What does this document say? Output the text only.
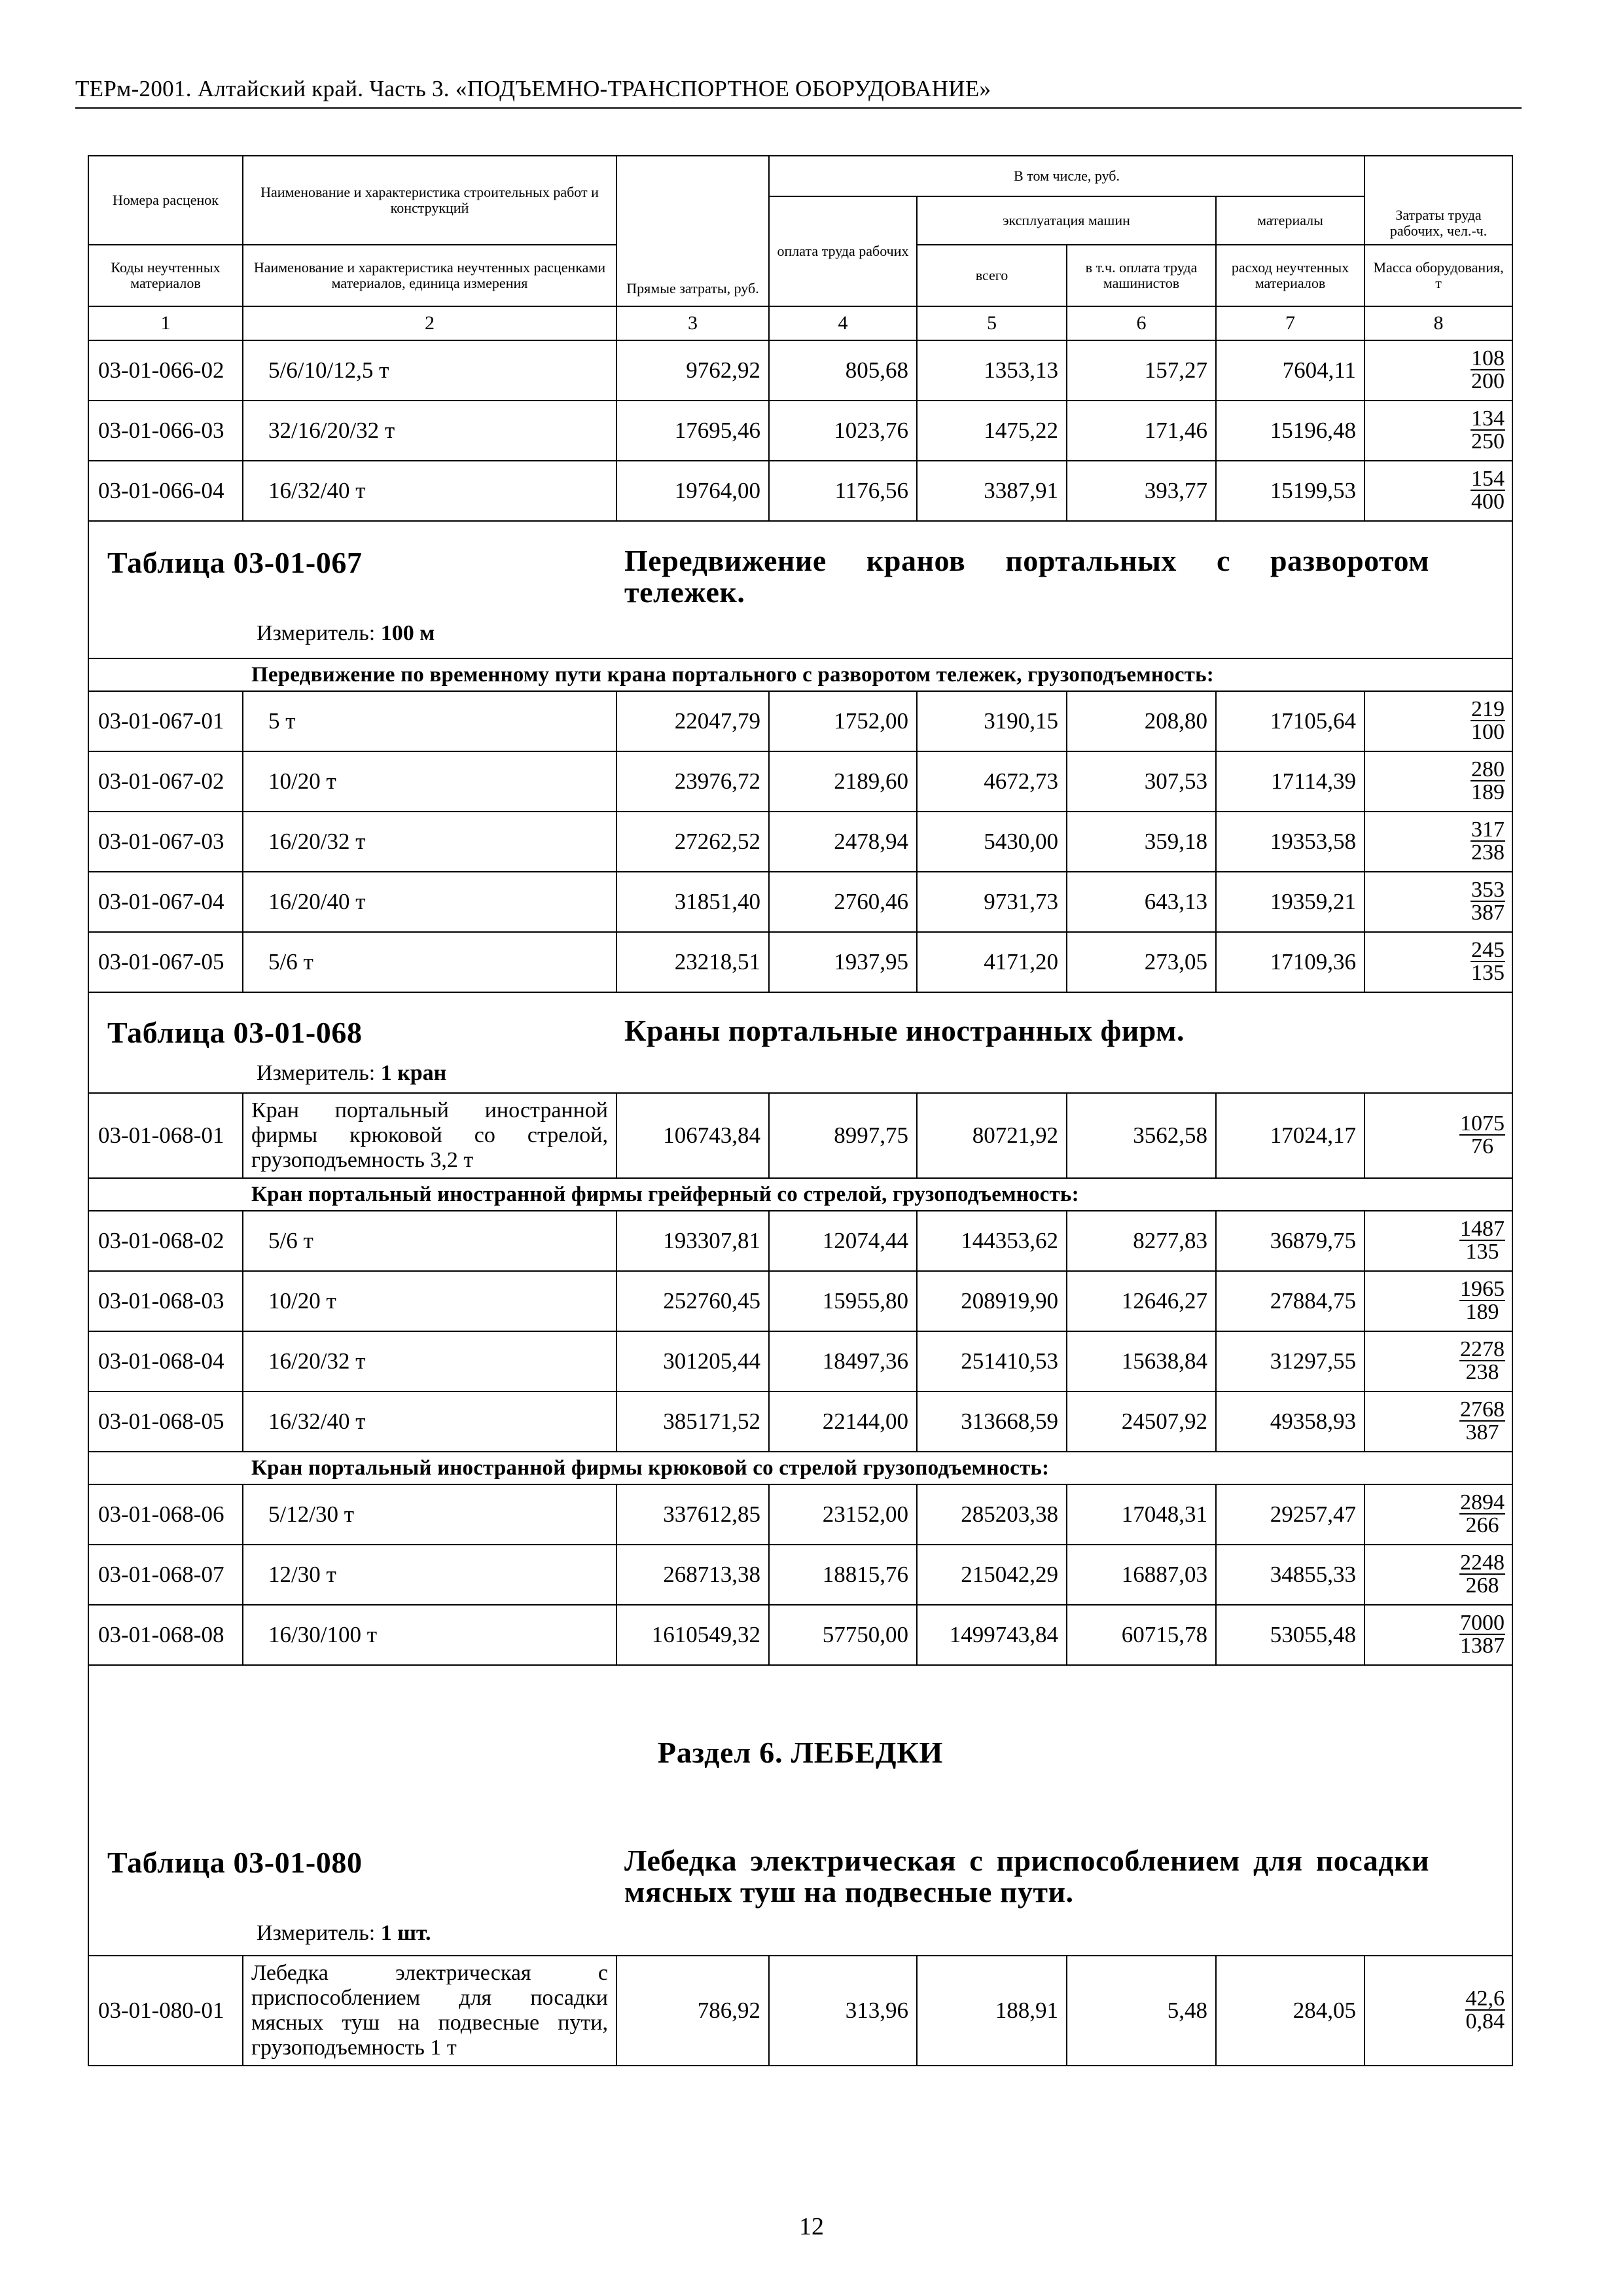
ТЕРм-2001. Алтайский край. Часть 3. «ПОДЪЕМНО-ТРАНСПОРТНОЕ ОБОРУДОВАНИЕ»
Номера расценок	Наименование и характеристика строительных работ и конструкций	Прямые затраты, руб.	В том числе, руб.				Затраты труда рабочих, чел.-ч.
			оплата труда рабочих	эксплуатация машин		материалы	
Коды неучтенных материалов	Наименование и характеристика неучтенных расценками материалов, единица измерения			всего	в т.ч. оплата труда машинистов	расход неучтенных материалов	Масса оборудования, т
1	2	3	4	5	6	7	8
03-01-066-02	5/6/10/12,5 т	9762,92	805,68	1353,13	157,27	7604,11	$\frac{108}{200}$

03-01-066-03	32/16/20/32 т	17695,46	1023,76	1475,22	171,46	15196,48	$\frac{134}{250}$

03-01-066-04	16/32/40 т	19764,00	1176,56	3387,91	393,77	15199,53	$\frac{154}{400}$

Таблица 03-01-067 Передвижение кранов портальных с разворотом тележек.
Измеритель: 100 м							

Передвижение по временному пути крана портального с разворотом тележек, грузоподъемность:							
03-01-067-01	5 т	22047,79	1752,00	3190,15	208,80	17105,64	$\frac{219}{100}$

03-01-067-02	10/20 т	23976,72	2189,60	4672,73	307,53	17114,39	$\frac{280}{189}$

03-01-067-03	16/20/32 т	27262,52	2478,94	5430,00	359,18	19353,58	$\frac{317}{238}$

03-01-067-04	16/20/40 т	31851,40	2760,46	9731,73	643,13	19359,21	$\frac{353}{387}$

03-01-067-05	5/6 т	23218,51	1937,95	4171,20	273,05	17109,36	$\frac{245}{135}$

Таблица 03-01-068 Краны портальные иностранных фирм.
Измеритель: 1 кран							

03-01-068-01	Кран портальный иностранной фирмы крюковой со стрелой, грузоподъемность 3,2 т	106743,84	8997,75	80721,92	3562,58	17024,17	$\frac{1075}{76}$

Кран портальный иностранной фирмы грейферный со стрелой, грузоподъемность:							
03-01-068-02	5/6 т	193307,81	12074,44	144353,62	8277,83	36879,75	$\frac{1487}{135}$

03-01-068-03	10/20 т	252760,45	15955,80	208919,90	12646,27	27884,75	$\frac{1965}{189}$

03-01-068-04	16/20/32 т	301205,44	18497,36	251410,53	15638,84	31297,55	$\frac{2278}{238}$

03-01-068-05	16/32/40 т	385171,52	22144,00	313668,59	24507,92	49358,93	$\frac{2768}{387}$

Кран портальный иностранной фирмы крюковой со стрелой грузоподъемность:							
03-01-068-06	5/12/30 т	337612,85	23152,00	285203,38	17048,31	29257,47	$\frac{2894}{266}$

03-01-068-07	12/30 т	268713,38	18815,76	215042,29	16887,03	34855,33	$\frac{2248}{268}$

03-01-068-08	16/30/100 т	1610549,32	57750,00	1499743,84	60715,78	53055,48	$\frac{7000}{1387}$

Раздел 6. ЛЕБЕДКИ
Таблица 03-01-080 Лебедка электрическая с приспособлением для посадки мясных туш на подвесные пути.
Измеритель: 1 шт.							

03-01-080-01	Лебедка электрическая с приспособлением для посадки мясных туш на подвесные пути, грузоподъемность 1 т	786,92	313,96	188,91	5,48	284,05	$\frac{42,6}{0,84}$
12
